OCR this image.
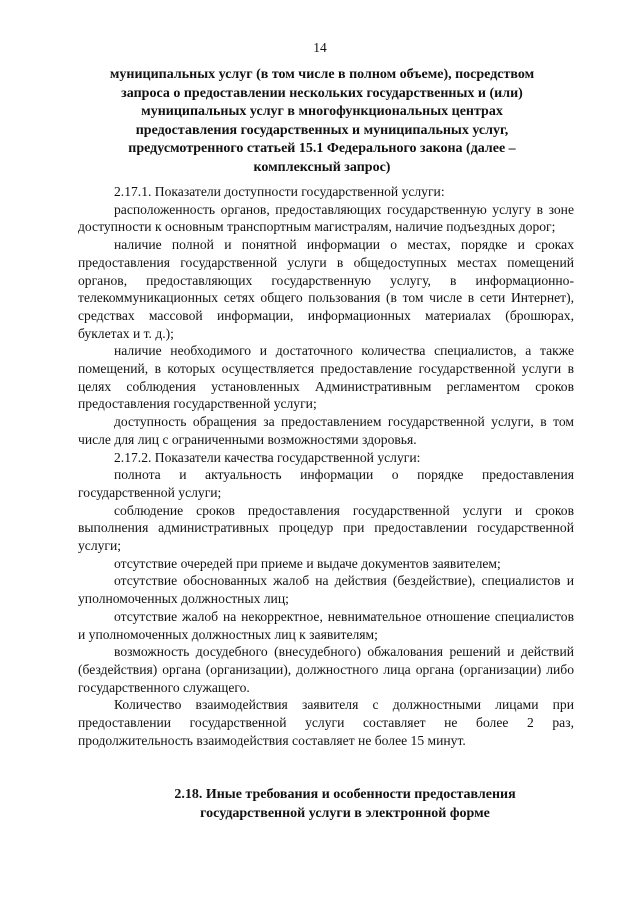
14
муниципальных услуг (в том числе в полном объеме), посредством запроса о предоставлении нескольких государственных и (или) муниципальных услуг в многофункциональных центрах предоставления государственных и муниципальных услуг, предусмотренного статьей 15.1 Федерального закона (далее – комплексный запрос)

2.17.1. Показатели доступности государственной услуги:

расположенность органов, предоставляющих государственную услугу в зоне доступности к основным транспортным магистралям, наличие подъездных дорог;

наличие полной и понятной информации о местах, порядке и сроках предоставления государственной услуги в общедоступных местах помещений органов, предоставляющих государственную услугу, в информационно-телекоммуникационных сетях общего пользования (в том числе в сети Интернет), средствах массовой информации, информационных материалах (брошюрах, буклетах и т. д.);

наличие необходимого и достаточного количества специалистов, а также помещений, в которых осуществляется предоставление государственной услуги в целях соблюдения установленных Административным регламентом сроков предоставления государственной услуги;

доступность обращения за предоставлением государственной услуги, в том числе для лиц с ограниченными возможностями здоровья.

2.17.2. Показатели качества государственной услуги:

полнота и актуальность информации о порядке предоставления государственной услуги;

соблюдение сроков предоставления государственной услуги и сроков выполнения административных процедур при предоставлении государственной услуги;

отсутствие очередей при приеме и выдаче документов заявителем;

отсутствие обоснованных жалоб на действия (бездействие), специалистов и уполномоченных должностных лиц;

отсутствие жалоб на некорректное, невнимательное отношение специалистов и уполномоченных должностных лиц к заявителям;

возможность досудебного (внесудебного) обжалования решений и действий (бездействия) органа (организации), должностного лица органа (организации) либо государственного служащего.

Количество взаимодействия заявителя с должностными лицами при предоставлении государственной услуги составляет не более 2 раз, продолжительность взаимодействия составляет не более 15 минут.

2.18. Иные требования и особенности предоставления государственной услуги в электронной форме
